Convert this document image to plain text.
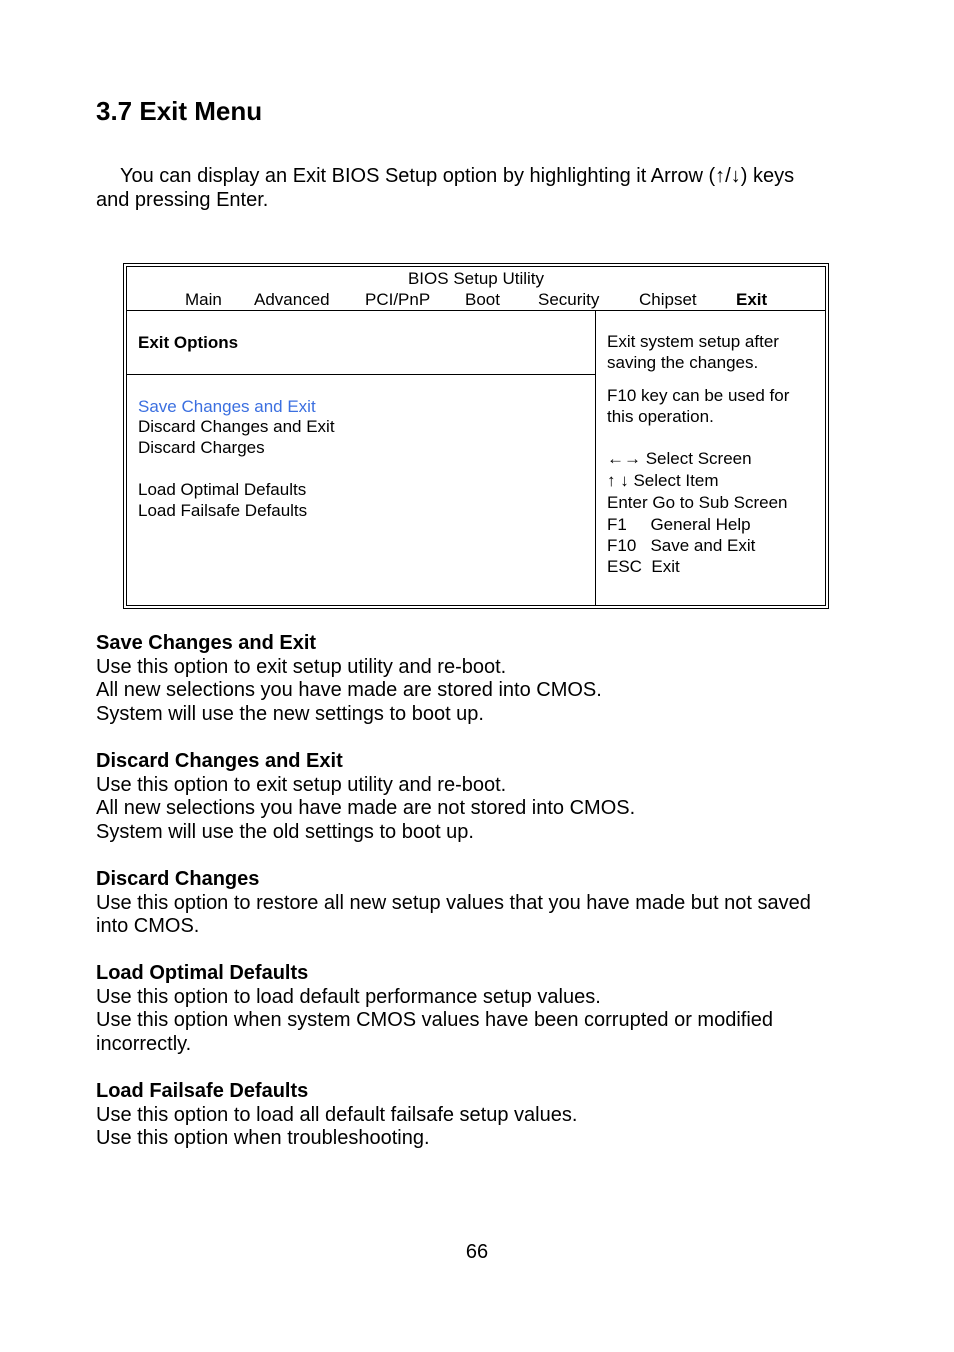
3.7 Exit Menu

You can display an Exit BIOS Setup option by highlighting it Arrow (↑/↓) keys

and pressing Enter.

BIOS Setup Utility
Main Advanced PCI/PnP Boot Security Chipset Exit
Exit Options
Save Changes and Exit
Discard Changes and Exit
Discard Charges
Load Optimal Defaults
Load Failsafe Defaults

Exit system setup after

saving the changes.

F10 key can be used for

this operation.

←→ Select Screen

↑ ↓ Select Item

Enter Go to Sub Screen

F1     General Help

F10   Save and Exit

ESC  Exit

Save Changes and Exit

Use this option to exit setup utility and re-boot.

All new selections you have made are stored into CMOS.

System will use the new settings to boot up.

Discard Changes and Exit

Use this option to exit setup utility and re-boot.

All new selections you have made are not stored into CMOS.

System will use the old settings to boot up.

Discard Changes

Use this option to restore all new setup values that you have made but not saved

into CMOS.

Load Optimal Defaults

Use this option to load default performance setup values.

Use this option when system CMOS values have been corrupted or modified

incorrectly.

Load Failsafe Defaults

Use this option to load all default failsafe setup values.

Use this option when troubleshooting.

66
